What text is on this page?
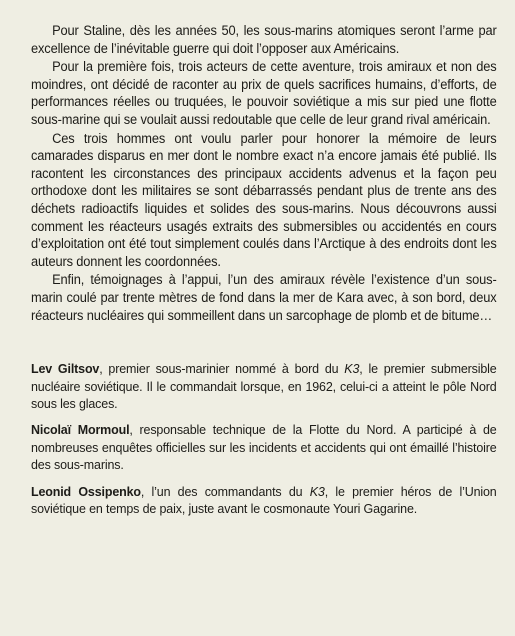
Pour Staline, dès les années 50, les sous-marins atomiques seront l’arme par excellence de l’inévitable guerre qui doit l’opposer aux Américains.

Pour la première fois, trois acteurs de cette aventure, trois amiraux et non des moindres, ont décidé de raconter au prix de quels sacrifices humains, d’efforts, de performances réelles ou truquées, le pouvoir soviétique a mis sur pied une flotte sous-marine qui se voulait aussi redoutable que celle de leur grand rival américain.

Ces trois hommes ont voulu parler pour honorer la mémoire de leurs camarades disparus en mer dont le nombre exact n’a encore jamais été publié. Ils racontent les circonstances des principaux accidents advenus et la façon peu orthodoxe dont les militaires se sont débarrassés pendant plus de trente ans des déchets radioactifs liquides et solides des sous-marins. Nous découvrons aussi comment les réacteurs usagés extraits des submersibles ou accidentés en cours d’exploitation ont été tout simplement coulés dans l’Arctique à des endroits dont les auteurs donnent les coordonnées.

Enfin, témoignages à l’appui, l’un des amiraux révèle l’existence d’un sous-marin coulé par trente mètres de fond dans la mer de Kara avec, à son bord, deux réacteurs nucléaires qui sommeillent dans un sarcophage de plomb et de bitume…

Lev Giltsov, premier sous-marinier nommé à bord du K3, le premier submersible nucléaire soviétique. Il le commandait lorsque, en 1962, celui-ci a atteint le pôle Nord sous les glaces.

Nicolaï Mormoul, responsable technique de la Flotte du Nord. A participé à de nombreuses enquêtes officielles sur les incidents et accidents qui ont émaillé l’histoire des sous-marins.

Leonid Ossipenko, l’un des commandants du K3, le premier héros de l’Union soviétique en temps de paix, juste avant le cosmonaute Youri Gagarine.
